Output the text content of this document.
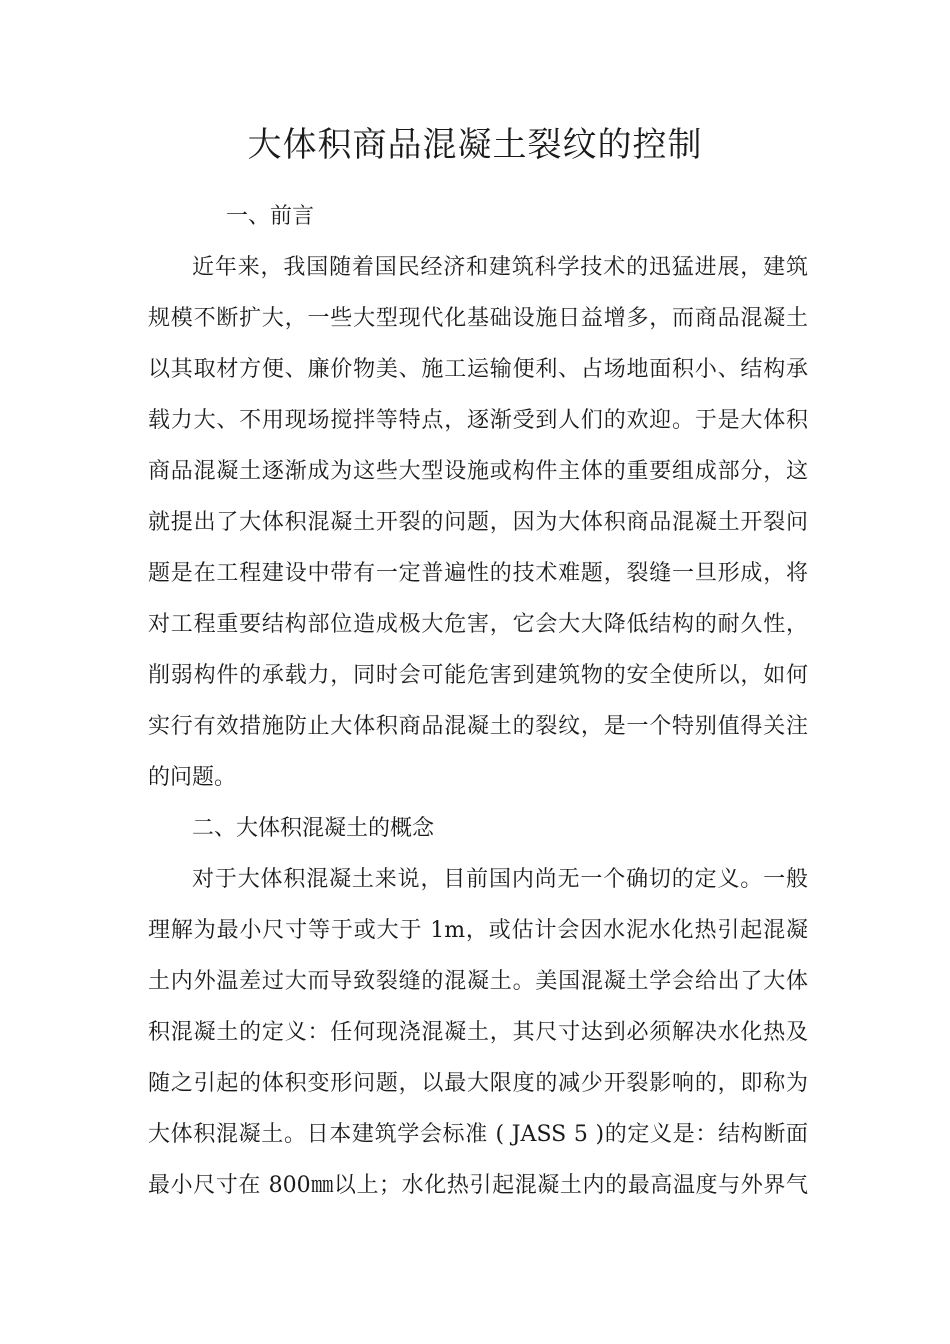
大体积商品混凝土裂纹的控制
一、前言
近年来，我国随着国民经济和建筑科学技术的迅猛进展，建筑
规模不断扩大，一些大型现代化基础设施日益增多，而商品混凝土
以其取材方便、廉价物美、施工运输便利、占场地面积小、结构承
载力大、不用现场搅拌等特点，逐渐受到人们的欢迎。于是大体积
商品混凝土逐渐成为这些大型设施或构件主体的重要组成部分，这
就提出了大体积混凝土开裂的问题，因为大体积商品混凝土开裂问
题是在工程建设中带有一定普遍性的技术难题，裂缝一旦形成，将
对工程重要结构部位造成极大危害，它会大大降低结构的耐久性，
削弱构件的承载力，同时会可能危害到建筑物的安全使所以，如何
实行有效措施防止大体积商品混凝土的裂纹，是一个特别值得关注
的问题。
二、大体积混凝土的概念
对于大体积混凝土来说，目前国内尚无一个确切的定义。一般
理解为最小尺寸等于或大于 1m，或估计会因水泥水化热引起混凝
土内外温差过大而导致裂缝的混凝土。美国混凝土学会给出了大体
积混凝土的定义：任何现浇混凝土，其尺寸达到必须解决水化热及
随之引起的体积变形问题，以最大限度的减少开裂影响的，即称为
大体积混凝土。日本建筑学会标准 ( JASS 5 )的定义是：结构断面
最小尺寸在 800㎜以上；水化热引起混凝土内的最高温度与外界气
